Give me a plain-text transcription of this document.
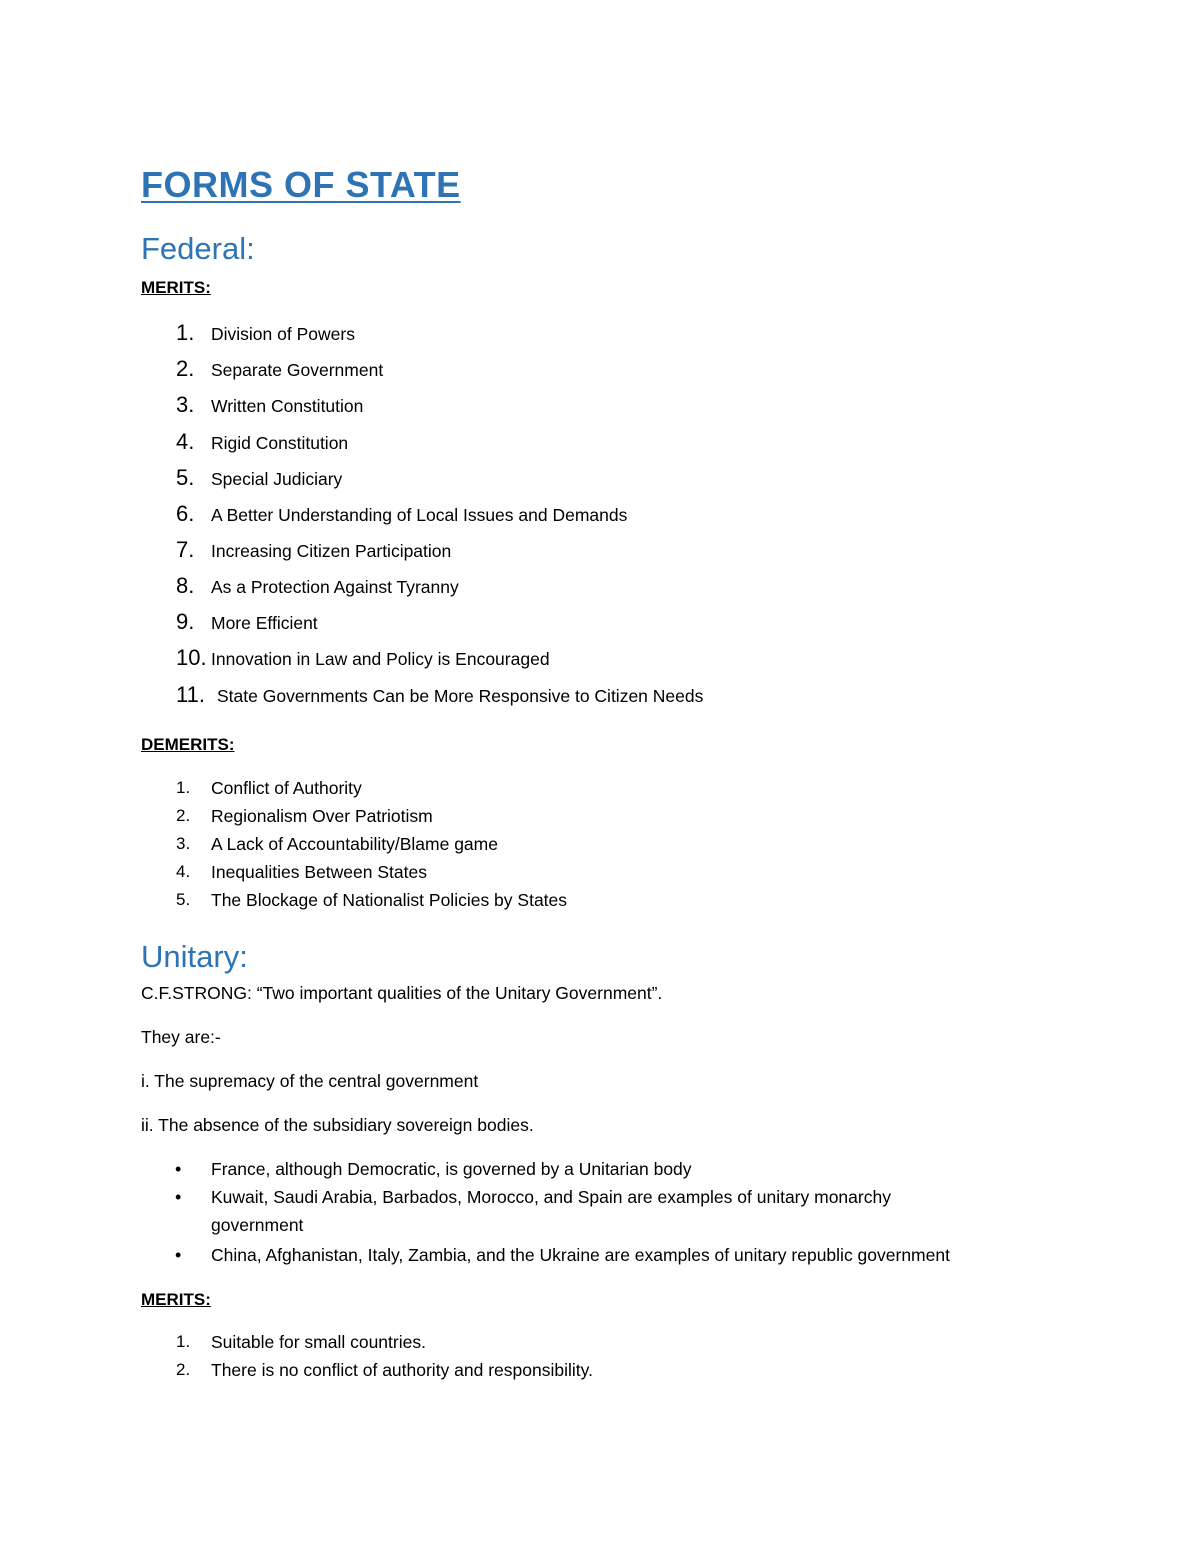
FORMS OF STATE
Federal:
MERITS:
1. Division of Powers
2. Separate Government
3. Written Constitution
4. Rigid Constitution
5. Special Judiciary
6. A Better Understanding of Local Issues and Demands
7. Increasing Citizen Participation
8. As a Protection Against Tyranny
9. More Efficient
10. Innovation in Law and Policy is Encouraged
11. State Governments Can be More Responsive to Citizen Needs
DEMERITS:
1. Conflict of Authority
2. Regionalism Over Patriotism
3. A Lack of Accountability/Blame game
4. Inequalities Between States
5. The Blockage of Nationalist Policies by States
Unitary:
C.F.STRONG: “Two important qualities of the Unitary Government”.
They are:-
i. The supremacy of the central government
ii. The absence of the subsidiary sovereign bodies.
• France, although Democratic, is governed by a Unitarian body
• Kuwait, Saudi Arabia, Barbados, Morocco, and Spain are examples of unitary monarchy
government
• China, Afghanistan, Italy, Zambia, and the Ukraine are examples of unitary republic government
MERITS:
1. Suitable for small countries.
2. There is no conflict of authority and responsibility.
